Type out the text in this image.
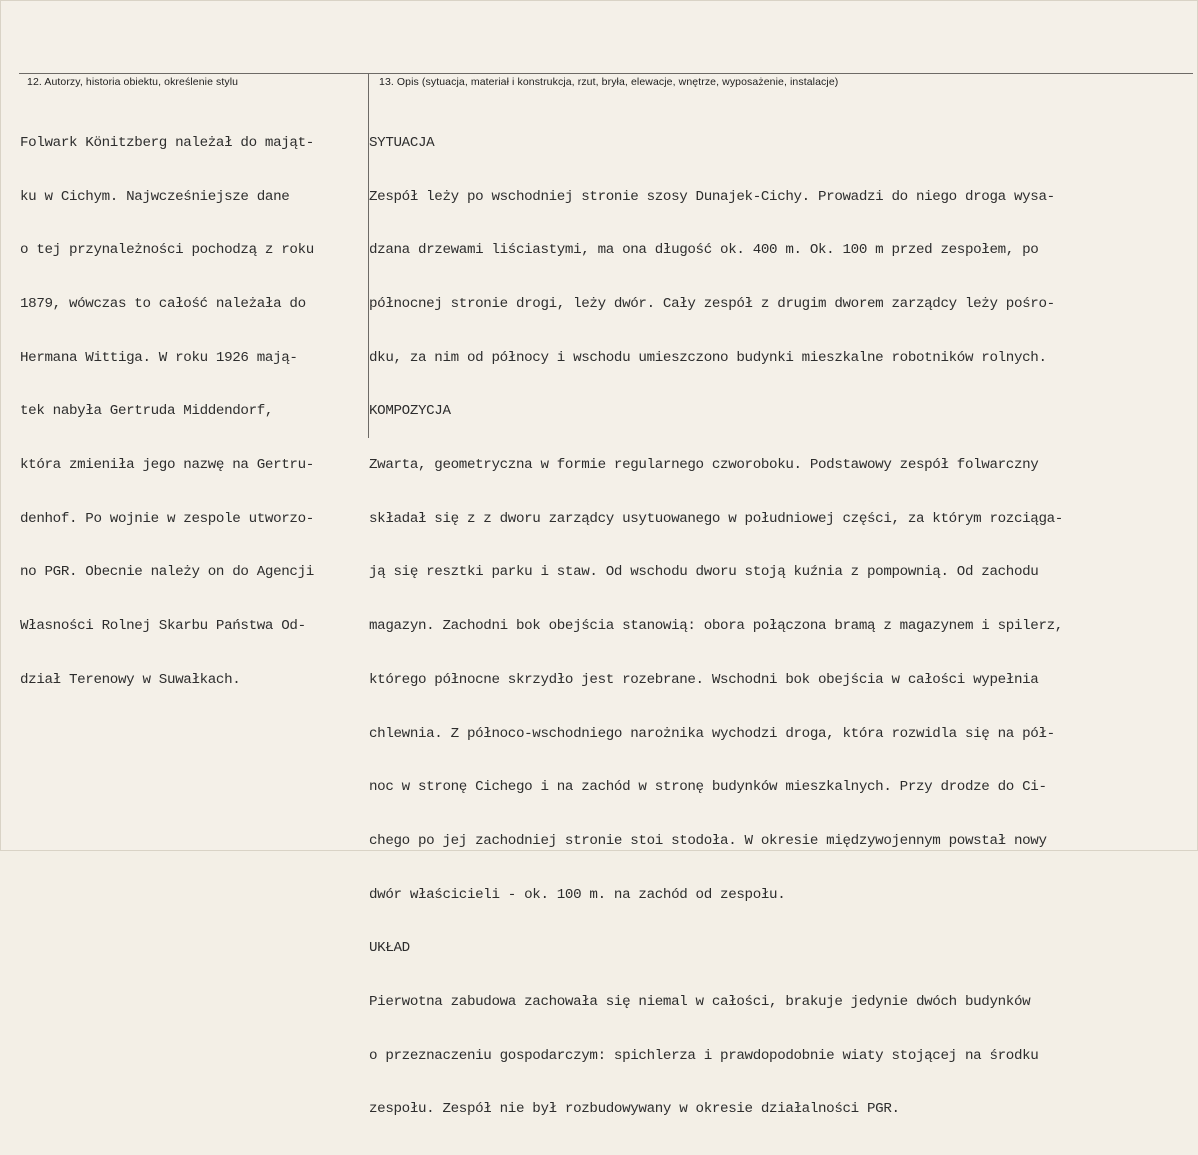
12. Autorzy, historia obiektu, określenie stylu	13. Opis (sytuacja, materiał i konstrukcja, rzut, bryła, elewacje, wnętrze, wyposażenie, instalacje)

Folwark Könitzberg należał do mająt-

ku w Cichym. Najwcześniejsze dane

o tej przynależności pochodzą z roku

1879, wówczas to całość należała do

Hermana Wittiga. W roku 1926 mają-

tek nabyła Gertruda Middendorf,

która zmieniła jego nazwę na Gertru-

denhof. Po wojnie w zespole utworzo-

no PGR. Obecnie należy on do Agencji

Własności Rolnej Skarbu Państwa Od-

dział Terenowy w Suwałkach.

SYTUACJA

Zespół leży po wschodniej stronie szosy Dunajek-Cichy. Prowadzi do niego droga wysa-

dzana drzewami liściastymi, ma ona długość ok. 400 m. Ok. 100 m przed zespołem, po

północnej stronie drogi, leży dwór. Cały zespół z drugim dworem zarządcy leży pośro-

dku, za nim od północy i wschodu umieszczono budynki mieszkalne robotników rolnych.

KOMPOZYCJA

Zwarta, geometryczna w formie regularnego czworoboku. Podstawowy zespół folwarczny

składał się z z dworu zarządcy usytuowanego w południowej części, za którym rozciąga-

ją się resztki parku i staw. Od wschodu dworu stoją kuźnia z pompownią. Od zachodu

magazyn. Zachodni bok obejścia stanowią: obora połączona bramą z magazynem i spilerz,

którego północne skrzydło jest rozebrane. Wschodni bok obejścia w całości wypełnia

chlewnia. Z północo-wschodniego narożnika wychodzi droga, która rozwidla się na pół-

noc w stronę Cichego i na zachód w stronę budynków mieszkalnych. Przy drodze do Ci-

chego po jej zachodniej stronie stoi stodoła. W okresie międzywojennym powstał nowy

dwór właścicieli - ok. 100 m. na zachód od zespołu.

UKŁAD

Pierwotna zabudowa zachowała się niemal w całości, brakuje jedynie dwóch budynków

o przeznaczeniu gospodarczym: spichlerza i prawdopodobnie wiaty stojącej na środku

zespołu. Zespół nie był rozbudowywany w okresie działalności PGR.
